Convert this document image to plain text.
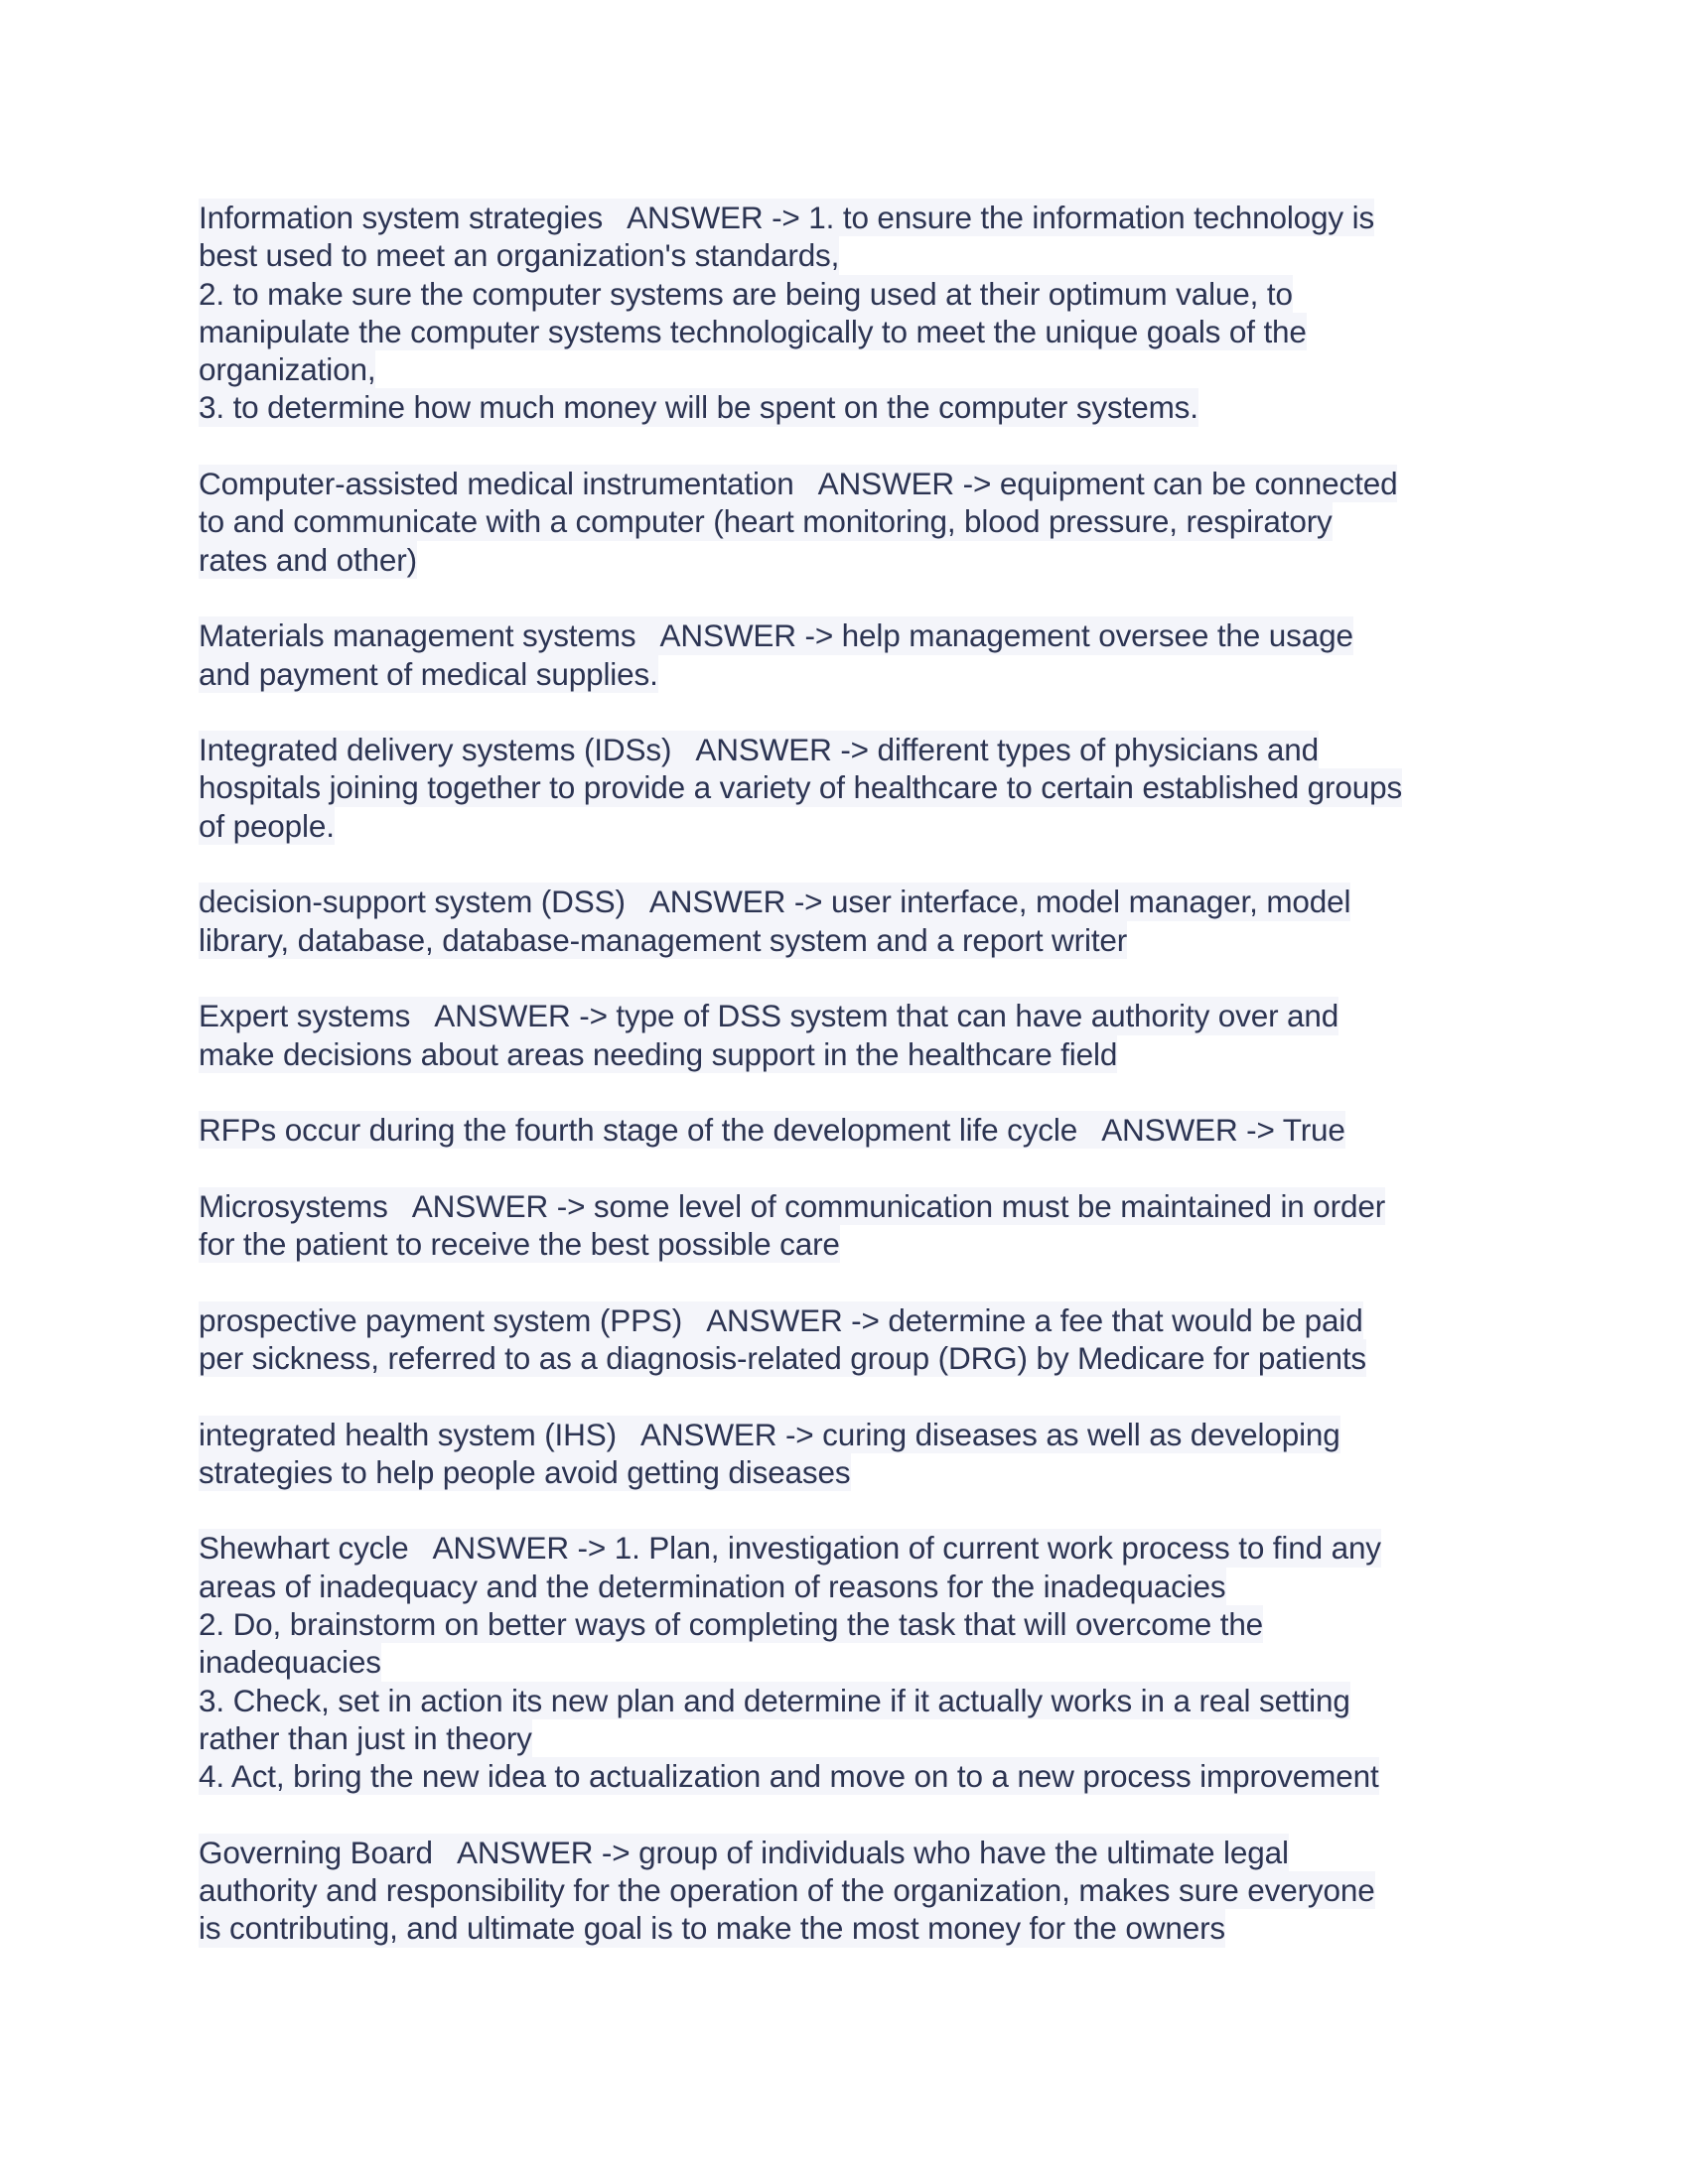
Information system strategies   ANSWER -> 1. to ensure the information technology is
best used to meet an organization's standards,
2. to make sure the computer systems are being used at their optimum value, to
manipulate the computer systems technologically to meet the unique goals of the
organization,
3. to determine how much money will be spent on the computer systems.
Computer-assisted medical instrumentation   ANSWER -> equipment can be connected
to and communicate with a computer (heart monitoring, blood pressure, respiratory
rates and other)
Materials management systems   ANSWER -> help management oversee the usage
and payment of medical supplies.
Integrated delivery systems (IDSs)   ANSWER -> different types of physicians and
hospitals joining together to provide a variety of healthcare to certain established groups
of people.
decision-support system (DSS)   ANSWER -> user interface, model manager, model
library, database, database-management system and a report writer
Expert systems   ANSWER -> type of DSS system that can have authority over and
make decisions about areas needing support in the healthcare field
RFPs occur during the fourth stage of the development life cycle   ANSWER -> True
Microsystems   ANSWER -> some level of communication must be maintained in order
for the patient to receive the best possible care
prospective payment system (PPS)   ANSWER -> determine a fee that would be paid
per sickness, referred to as a diagnosis-related group (DRG) by Medicare for patients
integrated health system (IHS)   ANSWER -> curing diseases as well as developing
strategies to help people avoid getting diseases
Shewhart cycle   ANSWER -> 1. Plan, investigation of current work process to find any
areas of inadequacy and the determination of reasons for the inadequacies
2. Do, brainstorm on better ways of completing the task that will overcome the
inadequacies
3. Check, set in action its new plan and determine if it actually works in a real setting
rather than just in theory
4. Act, bring the new idea to actualization and move on to a new process improvement
Governing Board   ANSWER -> group of individuals who have the ultimate legal
authority and responsibility for the operation of the organization, makes sure everyone
is contributing, and ultimate goal is to make the most money for the owners
